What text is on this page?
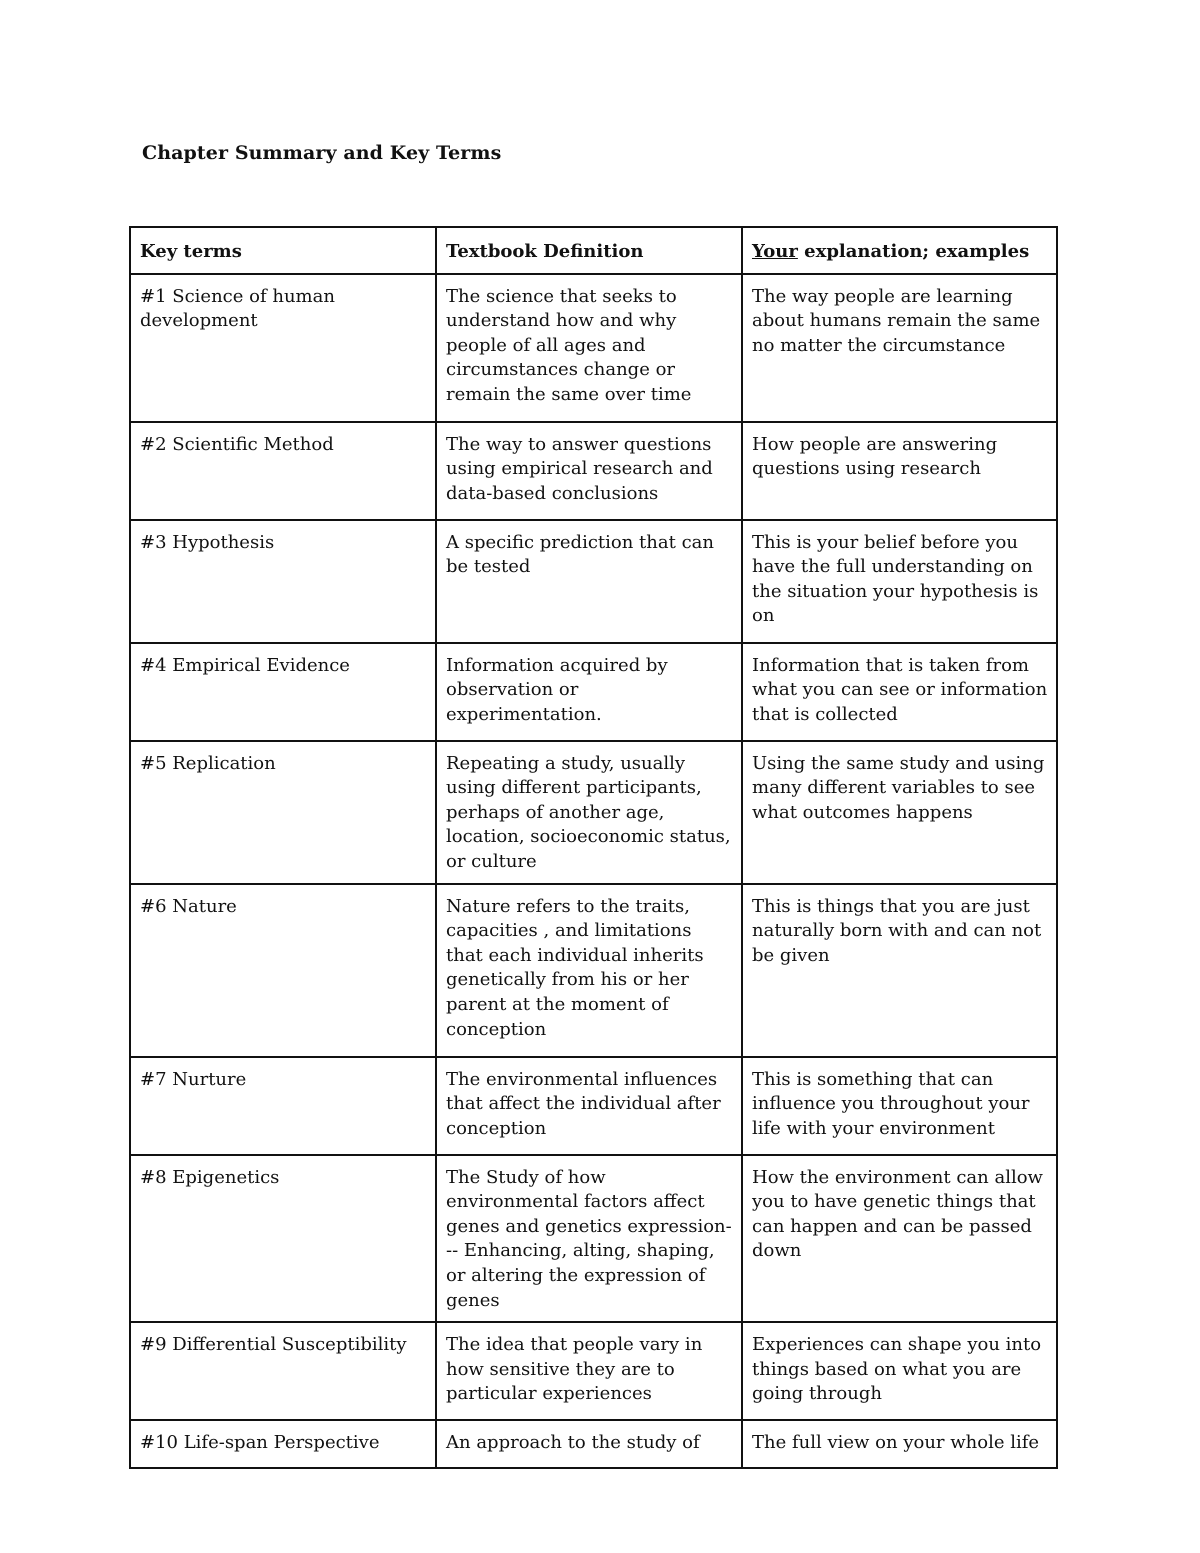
Chapter Summary and Key Terms
Key terms	Textbook Definition	Your explanation; examples
#1 Science of human development	The science that seeks to understand how and why people of all ages and circumstances change or remain the same over time	The way people are learning about humans remain the same no matter the circumstance
#2 Scientific Method	The way to answer questions using empirical research and data-based conclusions	How people are answering questions using research
#3 Hypothesis	A specific prediction that can be tested	This is your belief before you have the full understanding on the situation your hypothesis is on
#4 Empirical Evidence	Information acquired by observation or experimentation.	Information that is taken from what you can see or information that is collected
#5 Replication	Repeating a study, usually using different participants, perhaps of another age, location, socioeconomic status, or culture	Using the same study and using many different variables to see what outcomes happens
#6 Nature	Nature refers to the traits, capacities , and limitations that each individual inherits genetically from his or her parent at the moment of conception	This is things that you are just naturally born with and can not be given
#7 Nurture	The environmental influences that affect the individual after conception	This is something that can influence you throughout your life with your environment
#8 Epigenetics	The Study of how environmental factors affect genes and genetics expression--- Enhancing, alting, shaping, or altering the expression of genes	How the environment can allow you to have genetic things that can happen and can be passed down
#9 Differential Susceptibility	The idea that people vary in how sensitive they are to particular experiences	Experiences can shape you into things based on what you are going through
#10 Life-span Perspective	An approach to the study of	The full view on your whole life
